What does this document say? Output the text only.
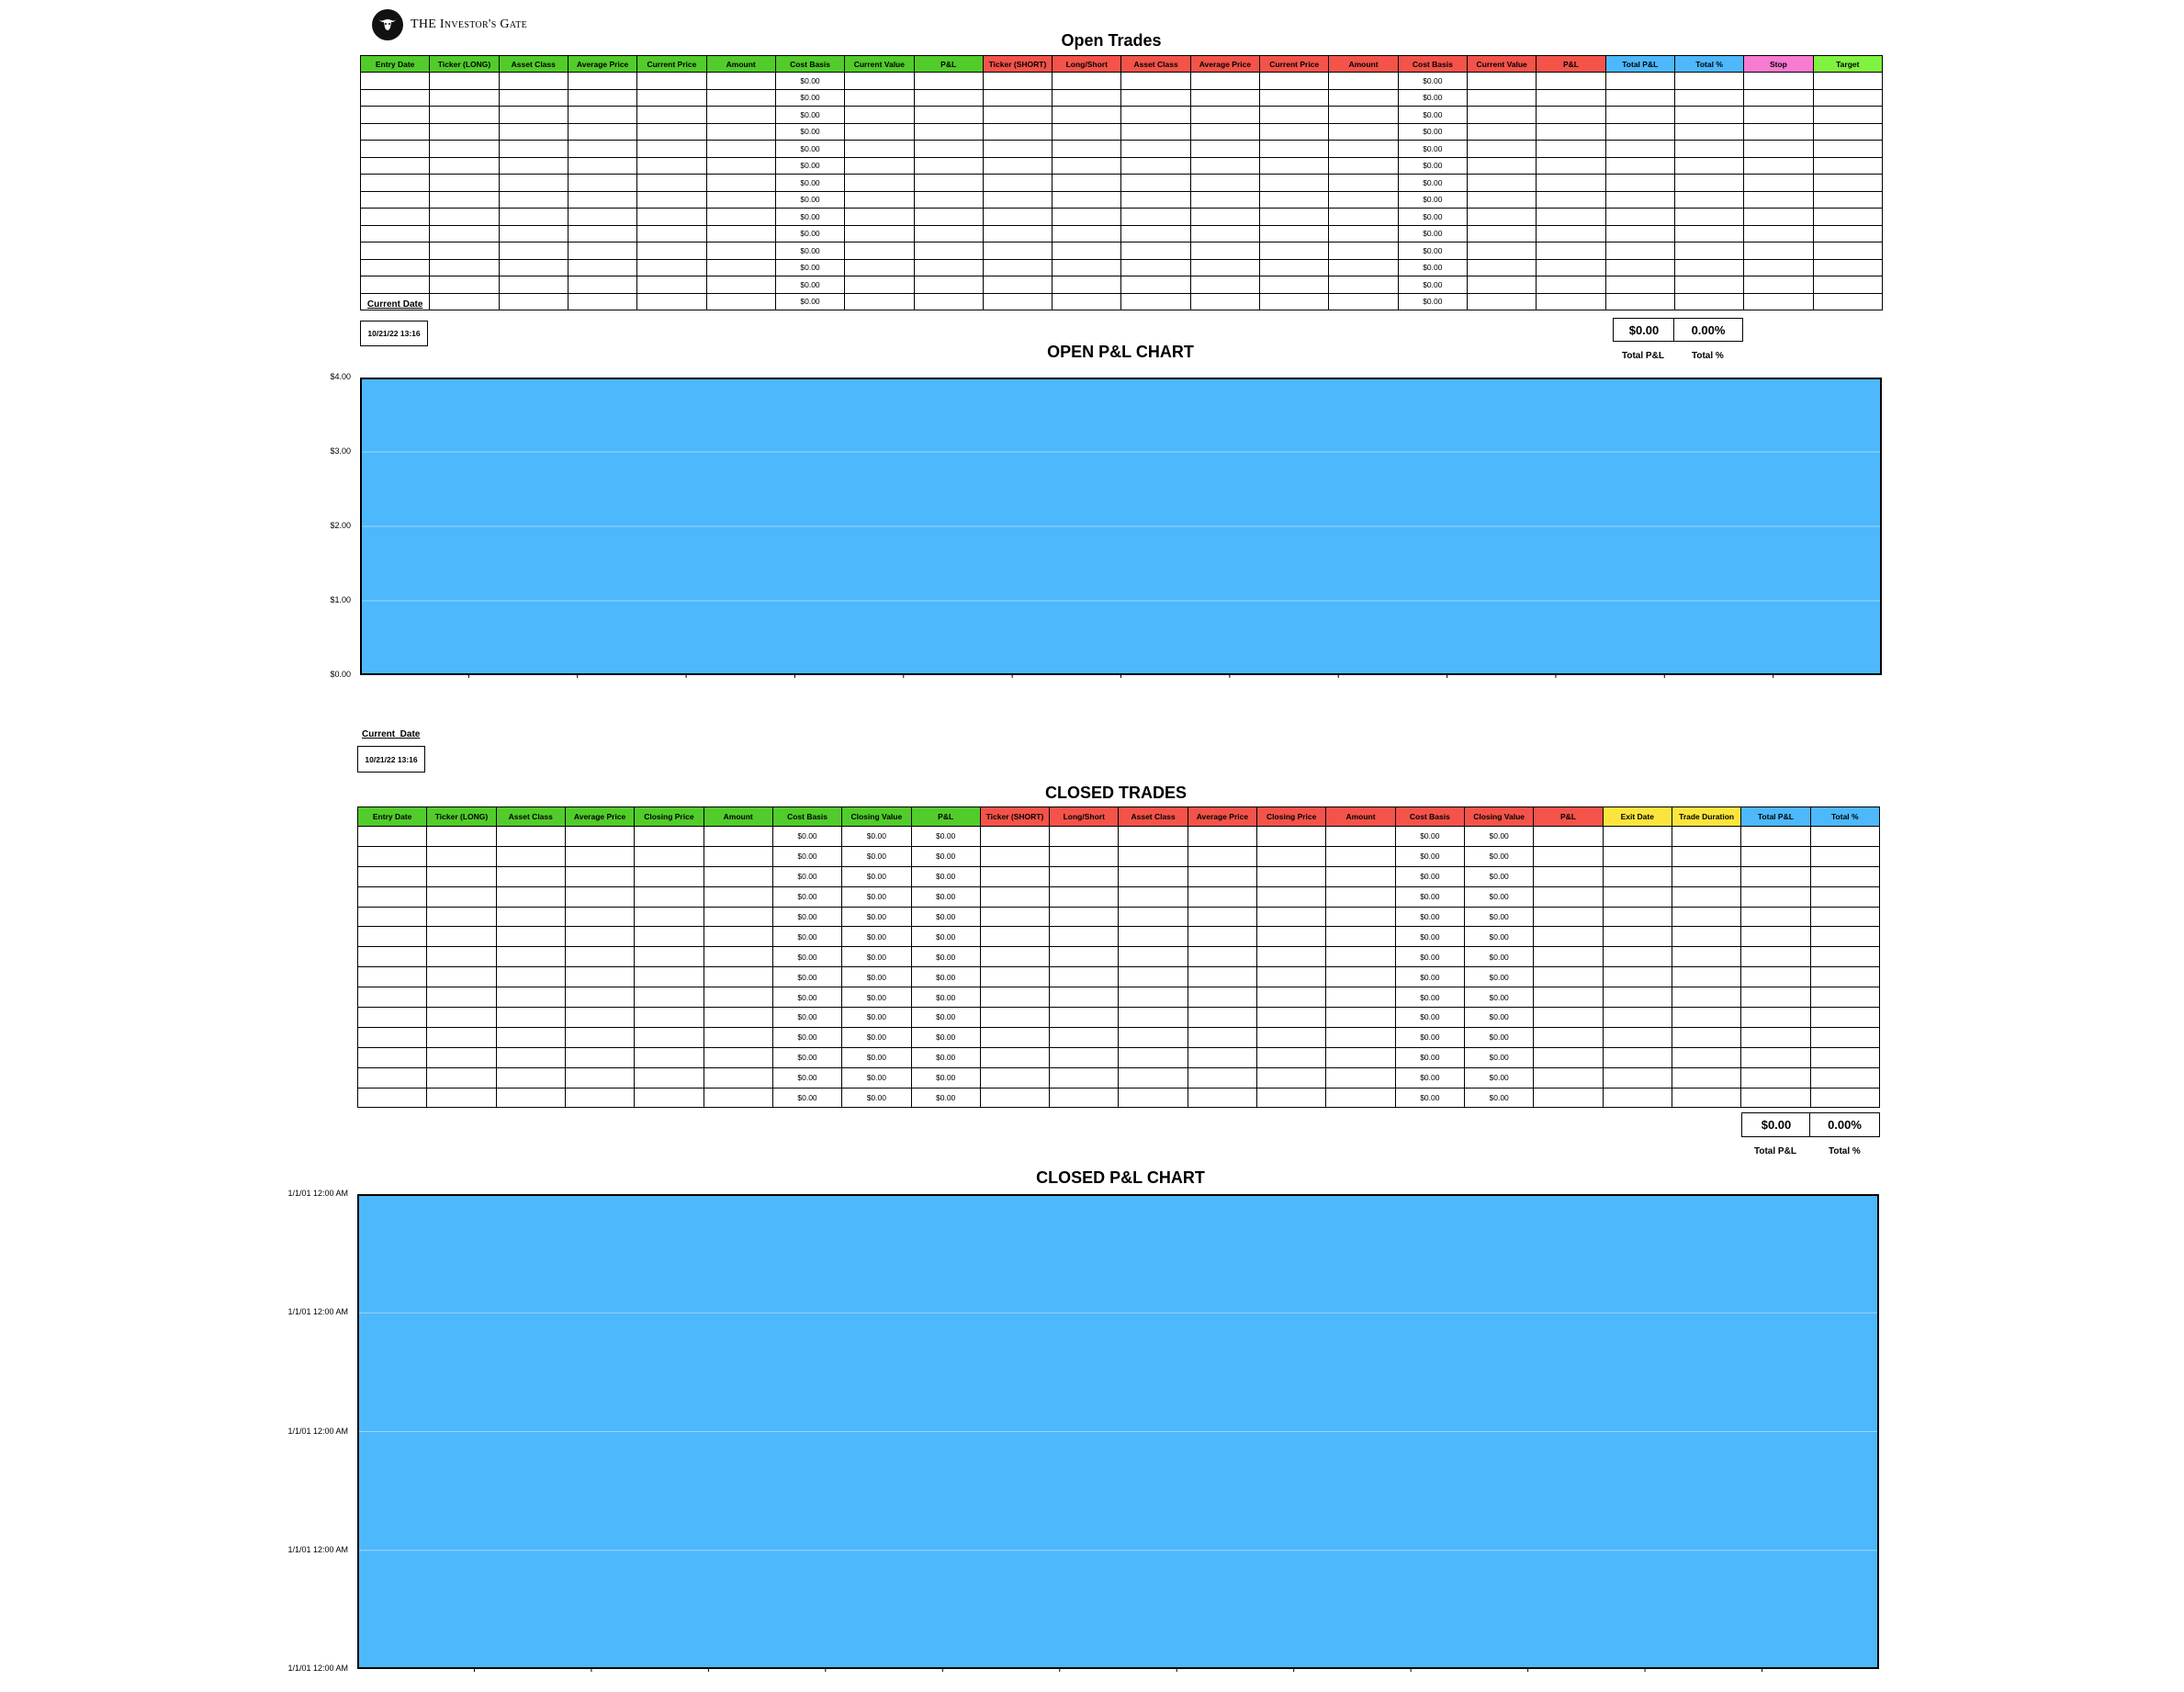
THE Investor's Gate
Open Trades
Entry Date	Ticker (LONG)	Asset Class	Average Price	Current Price	Amount	Cost Basis	Current Value	P&L	Ticker (SHORT)	Long/Short	Asset Class	Average Price	Current Price	Amount	Cost Basis	Current Value	P&L	Total P&L	Total %	Stop	Target
						$0.00									$0.00						
						$0.00									$0.00						
						$0.00									$0.00						
						$0.00									$0.00						
						$0.00									$0.00						
						$0.00									$0.00						
						$0.00									$0.00						
						$0.00									$0.00						
						$0.00									$0.00						
						$0.00									$0.00						
						$0.00									$0.00						
						$0.00									$0.00						
						$0.00									$0.00						
Current Date						$0.00									$0.00						
10/21/22 13:16	$0.00	0.00%
Total P&L	Total %
OPEN P&L CHART
$4.00
$3.00
$2.00
$1.00
$0.00
Current  Date
10/21/22 13:16
CLOSED TRADES
Entry Date	Ticker (LONG)	Asset Class	Average Price	Closing Price	Amount	Cost Basis	Closing Value	P&L	Ticker (SHORT)	Long/Short	Asset Class	Average Price	Closing Price	Amount	Cost Basis	Closing Value	P&L	Exit Date	Trade Duration	Total P&L	Total %
						$0.00	$0.00	$0.00							$0.00	$0.00					
						$0.00	$0.00	$0.00							$0.00	$0.00					
						$0.00	$0.00	$0.00							$0.00	$0.00					
						$0.00	$0.00	$0.00							$0.00	$0.00					
						$0.00	$0.00	$0.00							$0.00	$0.00					
						$0.00	$0.00	$0.00							$0.00	$0.00					
						$0.00	$0.00	$0.00							$0.00	$0.00					
						$0.00	$0.00	$0.00							$0.00	$0.00					
						$0.00	$0.00	$0.00							$0.00	$0.00					
						$0.00	$0.00	$0.00							$0.00	$0.00					
						$0.00	$0.00	$0.00							$0.00	$0.00					
						$0.00	$0.00	$0.00							$0.00	$0.00					
						$0.00	$0.00	$0.00							$0.00	$0.00					
						$0.00	$0.00	$0.00							$0.00	$0.00					
$0.00	0.00%
Total P&L	Total %
CLOSED P&L CHART
1/1/01 12:00 AM
1/1/01 12:00 AM
1/1/01 12:00 AM
1/1/01 12:00 AM
1/1/01 12:00 AM
